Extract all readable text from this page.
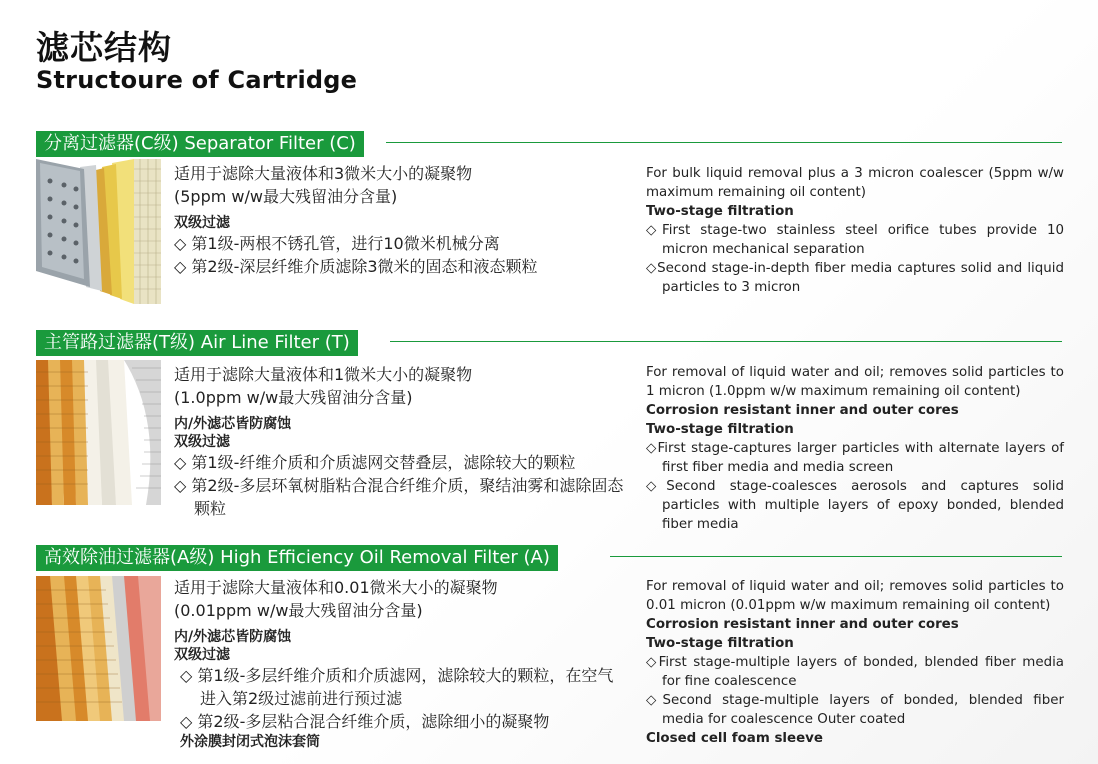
滤芯结构
Structoure of Cartridge
分离过滤器(C级) Separator Filter (C)
适用于滤除大量液体和3微米大小的凝聚物
(5ppm w/w最大残留油分含量)
双级过滤
◇ 第1级-两根不锈孔管，进行10微米机械分离
◇ 第2级-深层纤维介质滤除3微米的固态和液态颗粒
For bulk liquid removal plus a 3 micron coalescer (5ppm w/w maximum remaining oil content)
Two-stage filtration
◇First stage-two stainless steel orifice tubes provide 10 micron mechanical separation
◇Second stage-in-depth fiber media captures solid and liquid particles to 3 micron
主管路过滤器(T级) Air Line Filter (T)
适用于滤除大量液体和1微米大小的凝聚物
(1.0ppm w/w最大残留油分含量)
内/外滤芯皆防腐蚀
双级过滤
◇ 第1级-纤维介质和介质滤网交替叠层，滤除较大的颗粒
◇ 第2级-多层环氧树脂粘合混合纤维介质，聚结油雾和滤除固态颗粒
For removal of liquid water and oil; removes solid particles to 1 micron (1.0ppm w/w maximum remaining oil content)
Corrosion resistant inner and outer cores
Two-stage filtration
◇First stage-captures larger particles with alternate layers of first fiber media and media screen
◇Second stage-coalesces aerosols and captures solid particles with multiple layers of epoxy bonded, blended fiber media
高效除油过滤器(A级) High Efficiency Oil Removal Filter (A)
适用于滤除大量液体和0.01微米大小的凝聚物
(0.01ppm w/w最大残留油分含量)
内/外滤芯皆防腐蚀
双级过滤
◇ 第1级-多层纤维介质和介质滤网，滤除较大的颗粒，在空气进入第2级过滤前进行预过滤
◇ 第2级-多层粘合混合纤维介质，滤除细小的凝聚物
外涂膜封闭式泡沫套筒
For removal of liquid water and oil; removes solid particles to 0.01 micron (0.01ppm w/w maximum remaining oil content)
Corrosion resistant inner and outer cores
Two-stage filtration
◇First stage-multiple layers of bonded, blended fiber media for fine coalescence
◇Second stage-multiple layers of bonded, blended fiber media for coalescence Outer coated
Closed cell foam sleeve
